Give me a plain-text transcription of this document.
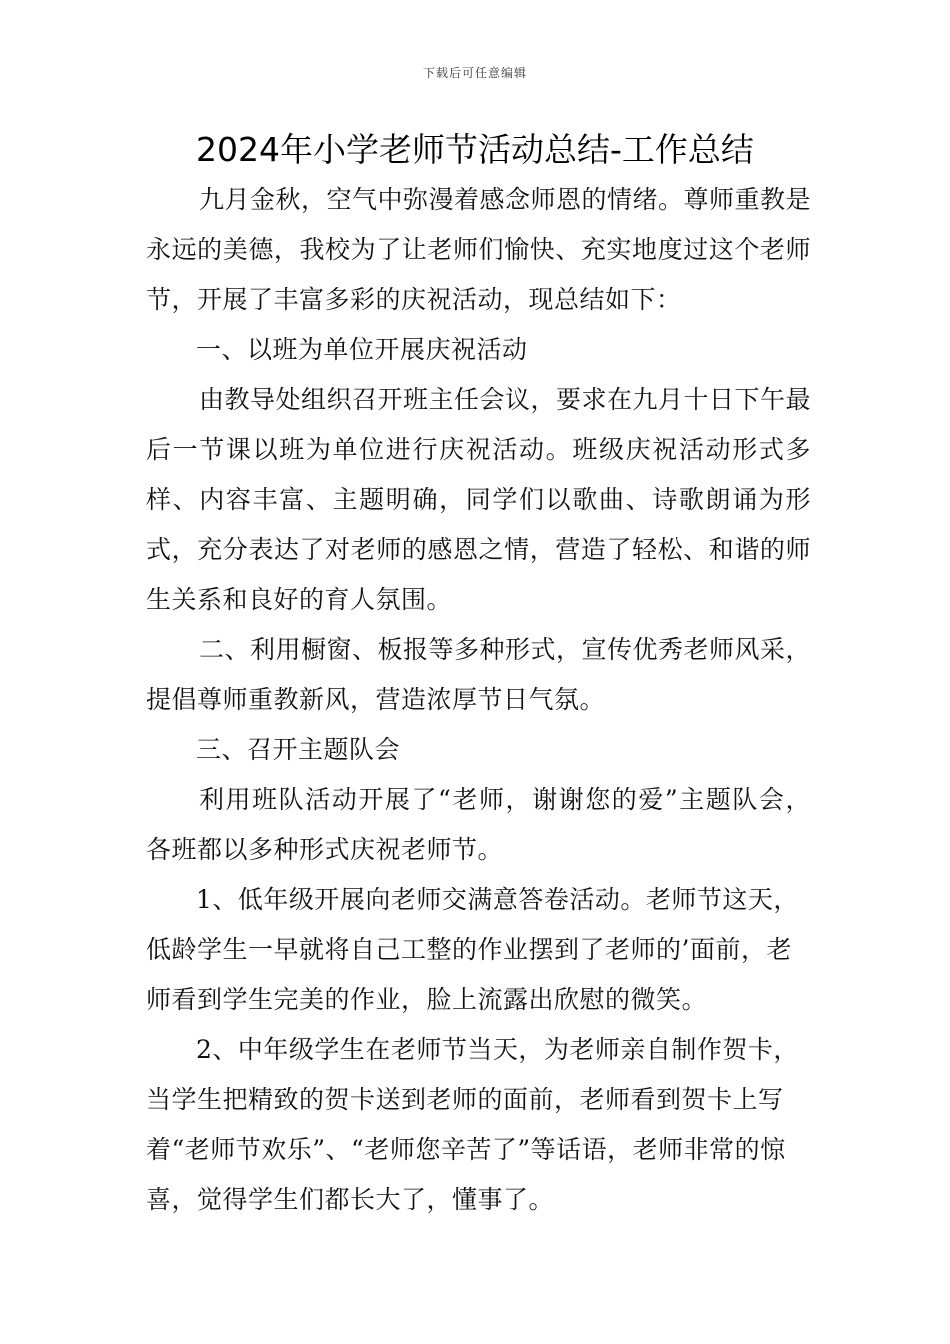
下载后可任意编辑
2024年小学老师节活动总结-工作总结

九月金秋，空气中弥漫着感念师恩的情绪。尊师重教是永远的美德，我校为了让老师们愉快、充实地度过这个老师节，开展了丰富多彩的庆祝活动，现总结如下：

一、以班为单位开展庆祝活动

由教导处组织召开班主任会议，要求在九月十日下午最后一节课以班为单位进行庆祝活动。班级庆祝活动形式多样、内容丰富、主题明确，同学们以歌曲、诗歌朗诵为形式，充分表达了对老师的感恩之情，营造了轻松、和谐的师生关系和良好的育人氛围。

二、利用橱窗、板报等多种形式，宣传优秀老师风采，提倡尊师重教新风，营造浓厚节日气氛。

三、召开主题队会

利用班队活动开展了“老师，谢谢您的爱”主题队会，各班都以多种形式庆祝老师节。

1、低年级开展向老师交满意答卷活动。老师节这天，低龄学生一早就将自己工整的作业摆到了老师的’面前，老师看到学生完美的作业，脸上流露出欣慰的微笑。

2、中年级学生在老师节当天，为老师亲自制作贺卡，当学生把精致的贺卡送到老师的面前，老师看到贺卡上写着“老师节欢乐”、“老师您辛苦了”等话语，老师非常的惊喜，觉得学生们都长大了，懂事了。
